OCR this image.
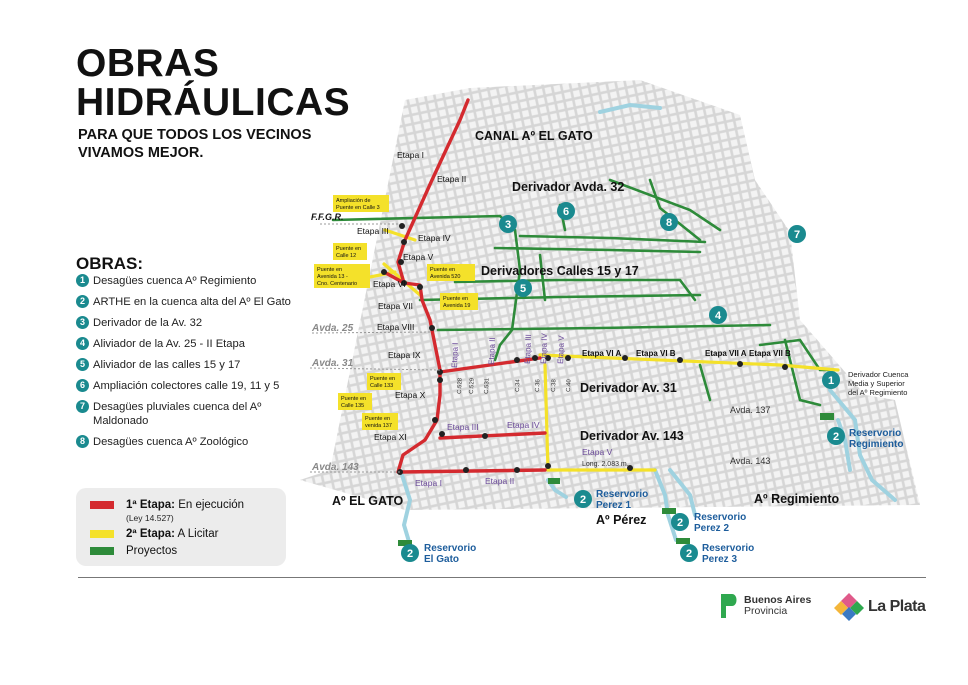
OBRAS
HIDRÁULICAS
PARA QUE TODOS LOS VECINOS
VIVAMOS MEJOR.
OBRAS:
1 Desagües cuenca Aº Regimiento
2 ARTHE en la cuenca alta del Aº El Gato
3 Derivador de la Av. 32
4 Aliviador de la Av. 25 - II Etapa
5 Aliviador de las calles 15 y 17
6 Ampliación colectores calle 19, 11 y 5
7 Desagües pluviales cuenca del Aº Maldonado
8 Desagües cuenca Aº Zoológico
1ª Etapa: En ejecución
(Ley 14.527)
2ª Etapa: A Licitar
Proyectos
CANAL Aº EL GATO
Derivador Avda. 32
Derivadores Calles 15 y 17
Derivador Av. 31
Derivador Av. 143
Aº EL GATO
Aº Pérez
Aº Regimiento
F.F.G.R.
Avda. 25
Avda. 31
Avda. 143
Avda. 137
Avda. 143
Derivador Cuenca
Media y Superior
del Aº Regimiento
Etapa I
Etapa II
Etapa III
Etapa IV
Etapa V
Etapa VI
Etapa VII
Etapa VIII
Etapa IX
Etapa X
Etapa XI
Etapa VI A Etapa VI B	Etapa VII A Etapa VII B
Etapa I	Etapa II
Etapa III	Etapa IV
Etapa V
Long. 2.083 m.
Etapa I	Etapa II	Etapa III Etapa IV Etapa V
C.528 C.529 C.531	C.34 C.36 C.38 C.40
Ampliación de
Puente en Calle 3
Puente en
Calle 12
Puente en
Avenida 13 -
Cno. Centenario
Puente en
Avenida 520
Puente en
Avenida 19
Puente en
Calle 133
Puente en
Calle 135
Puente en
venida 137
1
3
4
5
6
7
8
2 Reservorio
Regimiento
2 Reservorio
Perez 1
2 Reservorio
Perez 2
2 Reservorio
Perez 3
2 Reservorio
El Gato
Buenos Aires
Provincia	La Plata
